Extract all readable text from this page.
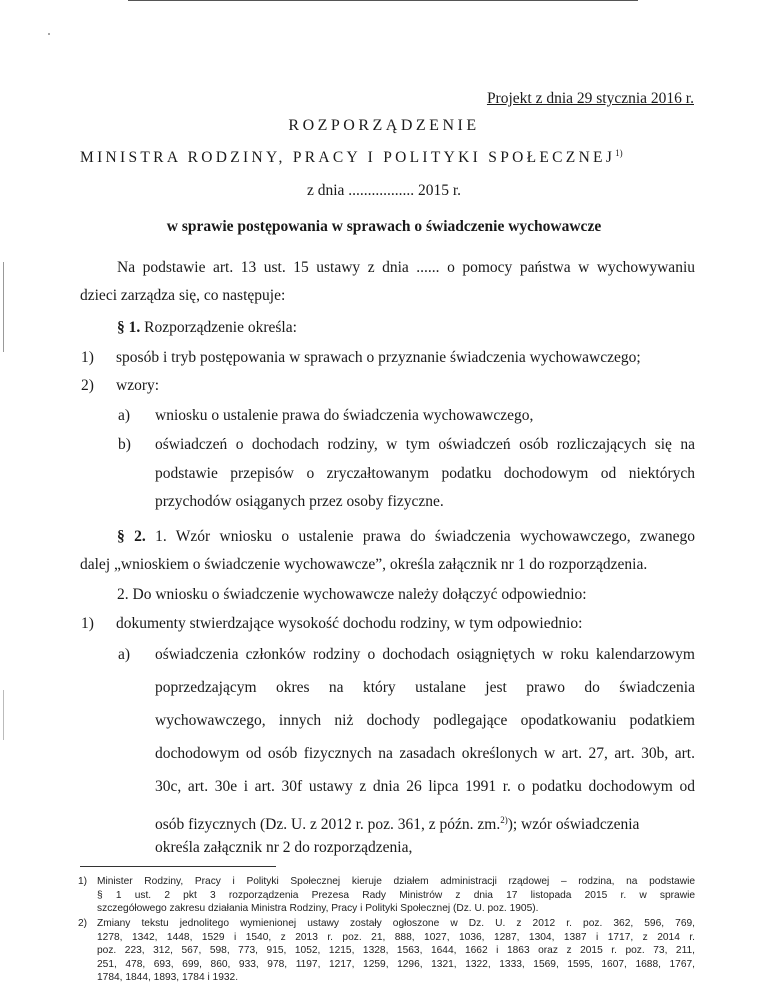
Projekt z dnia 29 stycznia 2016 r.
ROZPORZĄDZENIE
MINISTRA RODZINY, PRACY I POLITYKI SPOŁECZNEJ$^{1)}$
z dnia ................. 2015 r.
w sprawie postępowania w sprawach o świadczenie wychowawcze
Na podstawie art. 13 ust. 15 ustawy z dnia ...... o pomocy państwa w wychowywaniu
dzieci zarządza się, co następuje:
§ 1. Rozporządzenie określa:
1) sposób i tryb postępowania w sprawach o przyznanie świadczenia wychowawczego;
2) wzory:
a) wniosku o ustalenie prawa do świadczenia wychowawczego,
b) oświadczeń o dochodach rodziny, w tym oświadczeń osób rozliczających się na
podstawie przepisów o zryczałtowanym podatku dochodowym od niektórych
przychodów osiąganych przez osoby fizyczne.
§ 2. 1. Wzór wniosku o ustalenie prawa do świadczenia wychowawczego, zwanego
dalej „wnioskiem o świadczenie wychowawcze”, określa załącznik nr 1 do rozporządzenia.
2. Do wniosku o świadczenie wychowawcze należy dołączyć odpowiednio:
1) dokumenty stwierdzające wysokość dochodu rodziny, w tym odpowiednio:
a) oświadczenia członków rodziny o dochodach osiągniętych w roku kalendarzowym
poprzedzającym okres na który ustalane jest prawo do świadczenia
wychowawczego, innych niż dochody podlegające opodatkowaniu podatkiem
dochodowym od osób fizycznych na zasadach określonych w art. 27, art. 30b, art.
30c, art. 30e i art. 30f ustawy z dnia 26 lipca 1991 r. o podatku dochodowym od
osób fizycznych (Dz. U. z 2012 r. poz. 361, z późn. zm.$^{2)}$); wzór oświadczenia
1) Minister Rodziny, Pracy i Polityki Społecznej kieruje działem administracji rządowej – rodzina, na podstawie
§ 1 ust. 2 pkt 3 rozporządzenia Prezesa Rady Ministrów z dnia 17 listopada 2015 r. w sprawie
szczegółowego zakresu działania Ministra Rodziny, Pracy i Polityki Społecznej (Dz. U. poz. 1905).
2) Zmiany tekstu jednolitego wymienionej ustawy zostały ogłoszone w Dz. U. z 2012 r. poz. 362, 596, 769,
1278, 1342, 1448, 1529 i 1540, z 2013 r. poz. 21, 888, 1027, 1036, 1287, 1304, 1387 i 1717, z 2014 r.
poz. 223, 312, 567, 598, 773, 915, 1052, 1215, 1328, 1563, 1644, 1662 i 1863 oraz z 2015 r. poz. 73, 211,
251, 478, 693, 699, 860, 933, 978, 1197, 1217, 1259, 1296, 1321, 1322, 1333, 1569, 1595, 1607, 1688, 1767,
1784, 1844, 1893, 1784 i 1932.
określa załącznik nr 2 do rozporządzenia,
